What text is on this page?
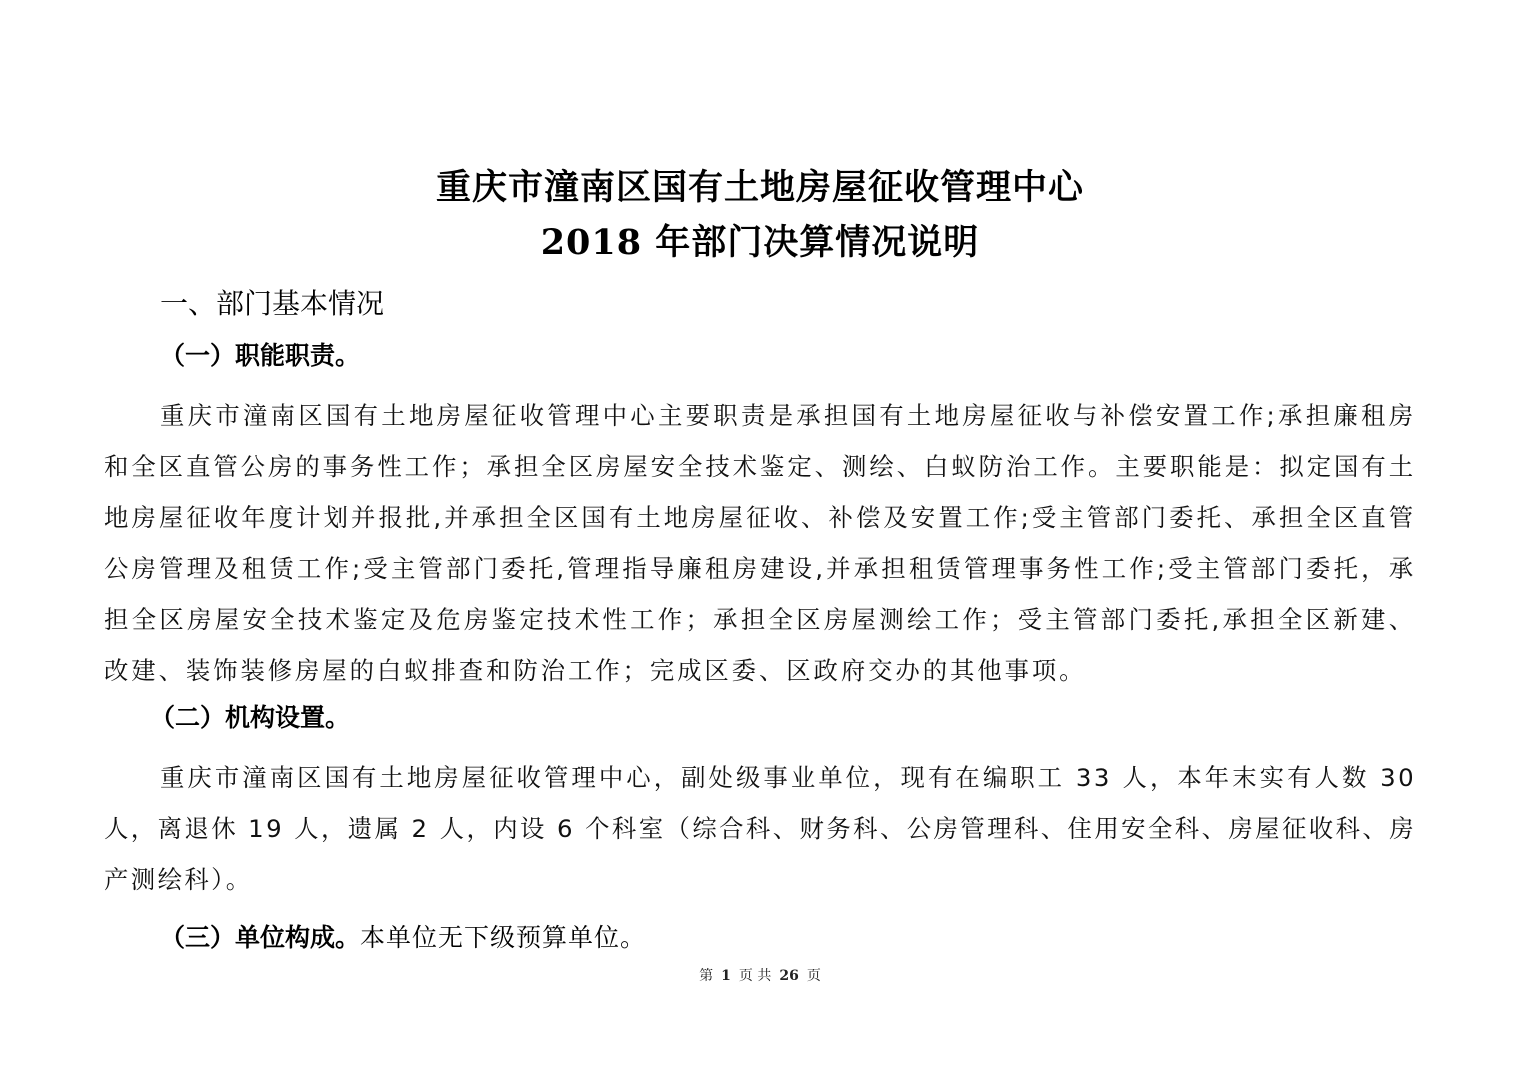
重庆市潼南区国有土地房屋征收管理中心
2018 年部门决算情况说明
一、部门基本情况
（一）职能职责。
重庆市潼南区国有土地房屋征收管理中心主要职责是承担国有土地房屋征收与补偿安置工作;承担廉租房和全区直管公房的事务性工作；承担全区房屋安全技术鉴定、测绘、白蚁防治工作。主要职能是：拟定国有土地房屋征收年度计划并报批,并承担全区国有土地房屋征收、补偿及安置工作;受主管部门委托、承担全区直管公房管理及租赁工作;受主管部门委托,管理指导廉租房建设,并承担租赁管理事务性工作;受主管部门委托，承担全区房屋安全技术鉴定及危房鉴定技术性工作；承担全区房屋测绘工作；受主管部门委托,承担全区新建、改建、装饰装修房屋的白蚁排查和防治工作；完成区委、区政府交办的其他事项。
（二）机构设置。
重庆市潼南区国有土地房屋征收管理中心，副处级事业单位，现有在编职工 33 人，本年末实有人数 30 人，离退休 19 人，遗属 2 人，内设 6 个科室（综合科、财务科、公房管理科、住用安全科、房屋征收科、房产测绘科）。
（三）单位构成。本单位无下级预算单位。
第 1 页 共 26 页
